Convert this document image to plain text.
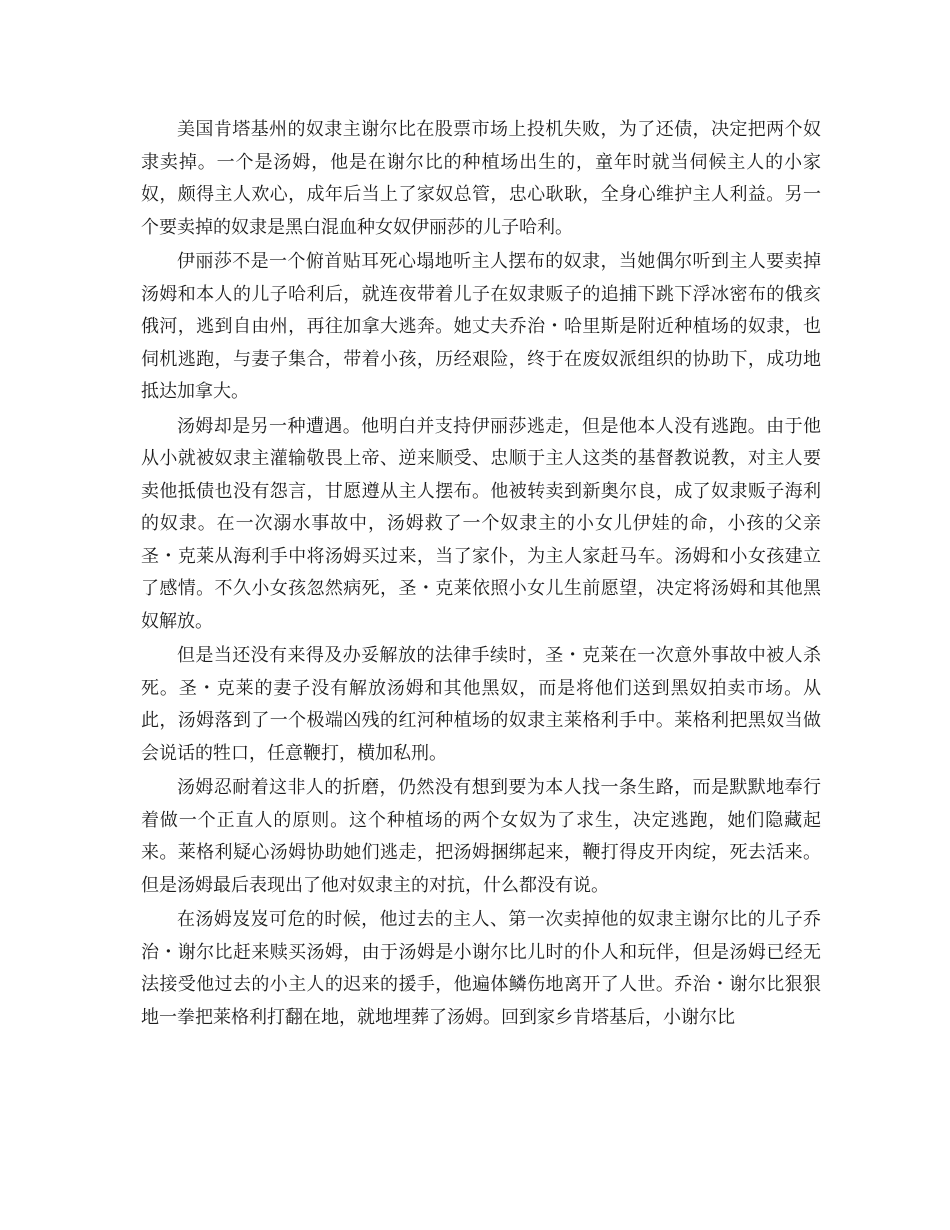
美国肯塔基州的奴隶主谢尔比在股票市场上投机失败，为了还债，决定把两个奴隶卖掉。一个是汤姆，他是在谢尔比的种植场出生的，童年时就当伺候主人的小家奴，颇得主人欢心，成年后当上了家奴总管，忠心耿耿，全身心维护主人利益。另一个要卖掉的奴隶是黑白混血种女奴伊丽莎的儿子哈利。

伊丽莎不是一个俯首贴耳死心塌地听主人摆布的奴隶，当她偶尔听到主人要卖掉汤姆和本人的儿子哈利后，就连夜带着儿子在奴隶贩子的追捕下跳下浮冰密布的俄亥俄河，逃到自由州，再往加拿大逃奔。她丈夫乔治・哈里斯是附近种植场的奴隶，也伺机逃跑，与妻子集合，带着小孩，历经艰险，终于在废奴派组织的协助下，成功地抵达加拿大。

汤姆却是另一种遭遇。他明白并支持伊丽莎逃走，但是他本人没有逃跑。由于他从小就被奴隶主灌输敬畏上帝、逆来顺受、忠顺于主人这类的基督教说教，对主人要卖他抵债也没有怨言，甘愿遵从主人摆布。他被转卖到新奥尔良，成了奴隶贩子海利的奴隶。在一次溺水事故中，汤姆救了一个奴隶主的小女儿伊娃的命，小孩的父亲圣・克莱从海利手中将汤姆买过来，当了家仆，为主人家赶马车。汤姆和小女孩建立了感情。不久小女孩忽然病死，圣・克莱依照小女儿生前愿望，决定将汤姆和其他黑奴解放。

但是当还没有来得及办妥解放的法律手续时，圣・克莱在一次意外事故中被人杀死。圣・克莱的妻子没有解放汤姆和其他黑奴，而是将他们送到黑奴拍卖市场。从此，汤姆落到了一个极端凶残的红河种植场的奴隶主莱格利手中。莱格利把黑奴当做会说话的牲口，任意鞭打，横加私刑。

汤姆忍耐着这非人的折磨，仍然没有想到要为本人找一条生路，而是默默地奉行着做一个正直人的原则。这个种植场的两个女奴为了求生，决定逃跑，她们隐藏起来。莱格利疑心汤姆协助她们逃走，把汤姆捆绑起来，鞭打得皮开肉绽，死去活来。但是汤姆最后表现出了他对奴隶主的对抗，什么都没有说。

在汤姆岌岌可危的时候，他过去的主人、第一次卖掉他的奴隶主谢尔比的儿子乔治・谢尔比赶来赎买汤姆，由于汤姆是小谢尔比儿时的仆人和玩伴，但是汤姆已经无法接受他过去的小主人的迟来的援手，他遍体鳞伤地离开了人世。乔治・谢尔比狠狠地一拳把莱格利打翻在地，就地埋葬了汤姆。回到家乡肯塔基后，小谢尔比
